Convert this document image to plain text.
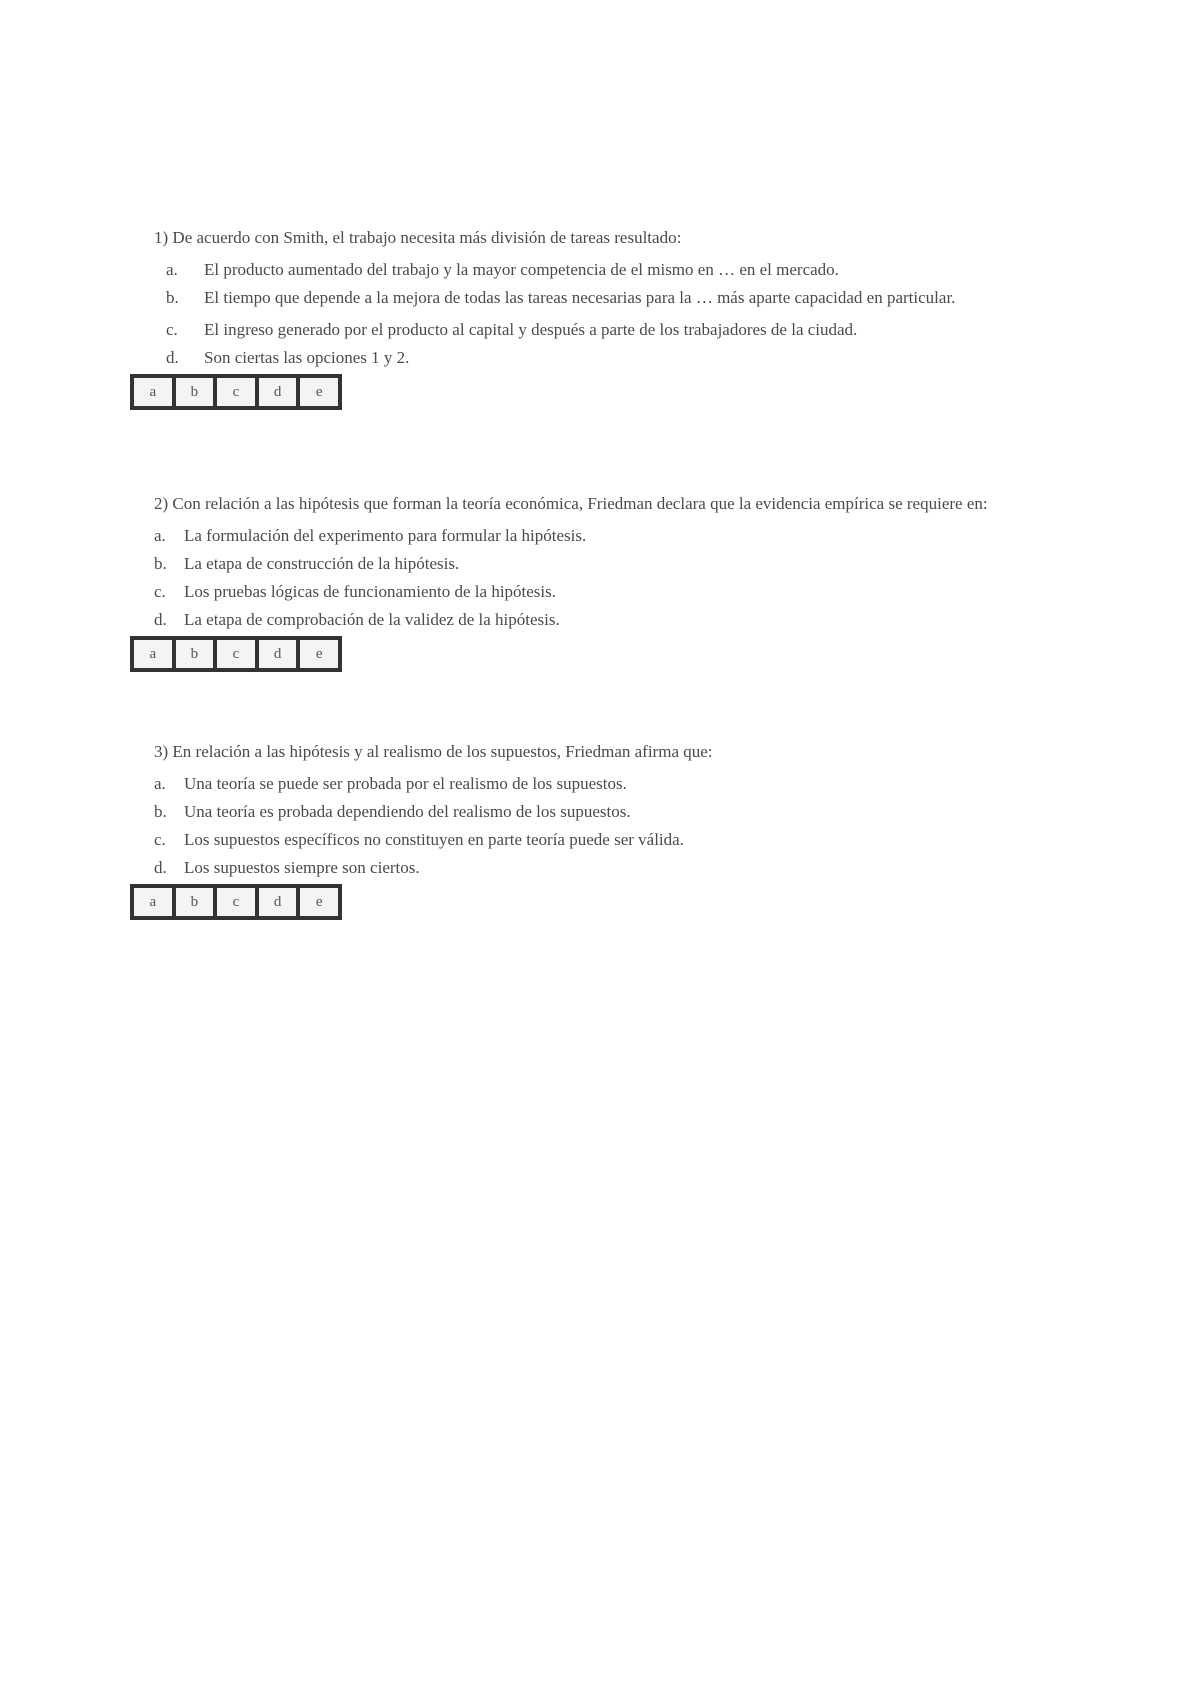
1) De acuerdo con Smith, el trabajo necesita más división de tareas resultado:

a.	El producto aumentado del trabajo y la mayor competencia de el mismo en … en el mercado.
b.	El tiempo que depende a la mejora de todas las tareas necesarias para la … más aparte capacidad en particular.
c.	El ingreso generado por el producto al capital y después a parte de los trabajadores de la ciudad.
d.	Son ciertas las opciones 1 y 2.
a	b	c	d	e

2) Con relación a las hipótesis que forman la teoría económica, Friedman declara que la evidencia empírica se requiere en:

a.	La formulación del experimento para formular la hipótesis.
b.	La etapa de construcción de la hipótesis.
c.	Los pruebas lógicas de funcionamiento de la hipótesis.
d.	La etapa de comprobación de la validez de la hipótesis.
a	b	c	d	e

3) En relación a las hipótesis y al realismo de los supuestos, Friedman afirma que:

a.	Una teoría se puede ser probada por el realismo de los supuestos.
b.	Una teoría es probada dependiendo del realismo de los supuestos.
c.	Los supuestos específicos no constituyen en parte teoría puede ser válida.
d.	Los supuestos siempre son ciertos.
a	b	c	d	e
